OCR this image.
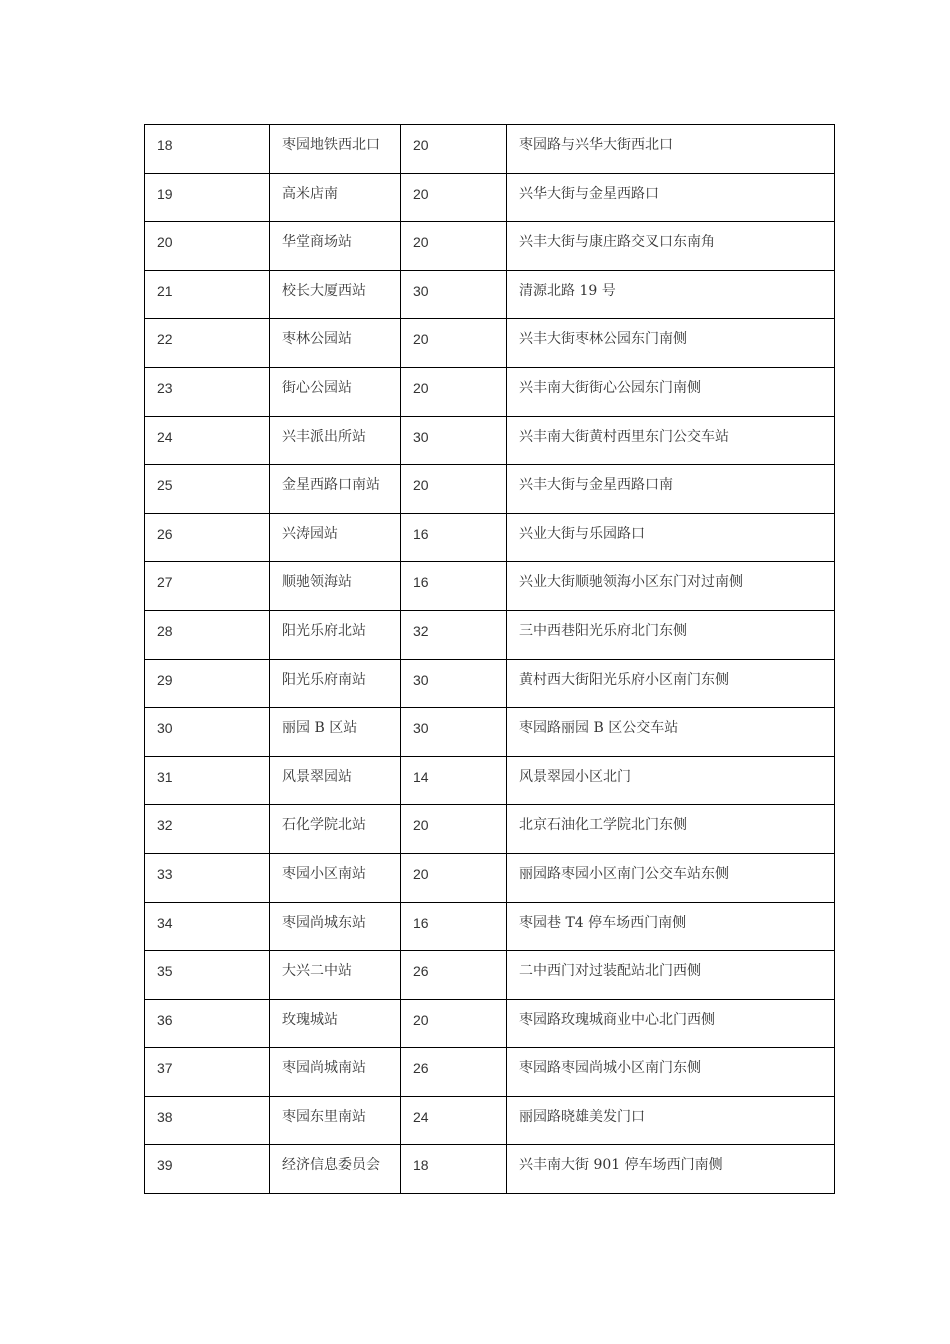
18	枣园地铁西北口	20	枣园路与兴华大街西北口
19	高米店南	20	兴华大街与金星西路口
20	华堂商场站	20	兴丰大街与康庄路交叉口东南角
21	校长大厦西站	30	清源北路 19 号
22	枣林公园站	20	兴丰大街枣林公园东门南侧
23	街心公园站	20	兴丰南大街街心公园东门南侧
24	兴丰派出所站	30	兴丰南大街黄村西里东门公交车站
25	金星西路口南站	20	兴丰大街与金星西路口南
26	兴涛园站	16	兴业大街与乐园路口
27	顺驰领海站	16	兴业大街顺驰领海小区东门对过南侧
28	阳光乐府北站	32	三中西巷阳光乐府北门东侧
29	阳光乐府南站	30	黄村西大街阳光乐府小区南门东侧
30	丽园 B 区站	30	枣园路丽园 B 区公交车站
31	风景翠园站	14	风景翠园小区北门
32	石化学院北站	20	北京石油化工学院北门东侧
33	枣园小区南站	20	丽园路枣园小区南门公交车站东侧
34	枣园尚城东站	16	枣园巷 T4 停车场西门南侧
35	大兴二中站	26	二中西门对过装配站北门西侧
36	玫瑰城站	20	枣园路玫瑰城商业中心北门西侧
37	枣园尚城南站	26	枣园路枣园尚城小区南门东侧
38	枣园东里南站	24	丽园路晓雄美发门口
39	经济信息委员会	18	兴丰南大街 901 停车场西门南侧
